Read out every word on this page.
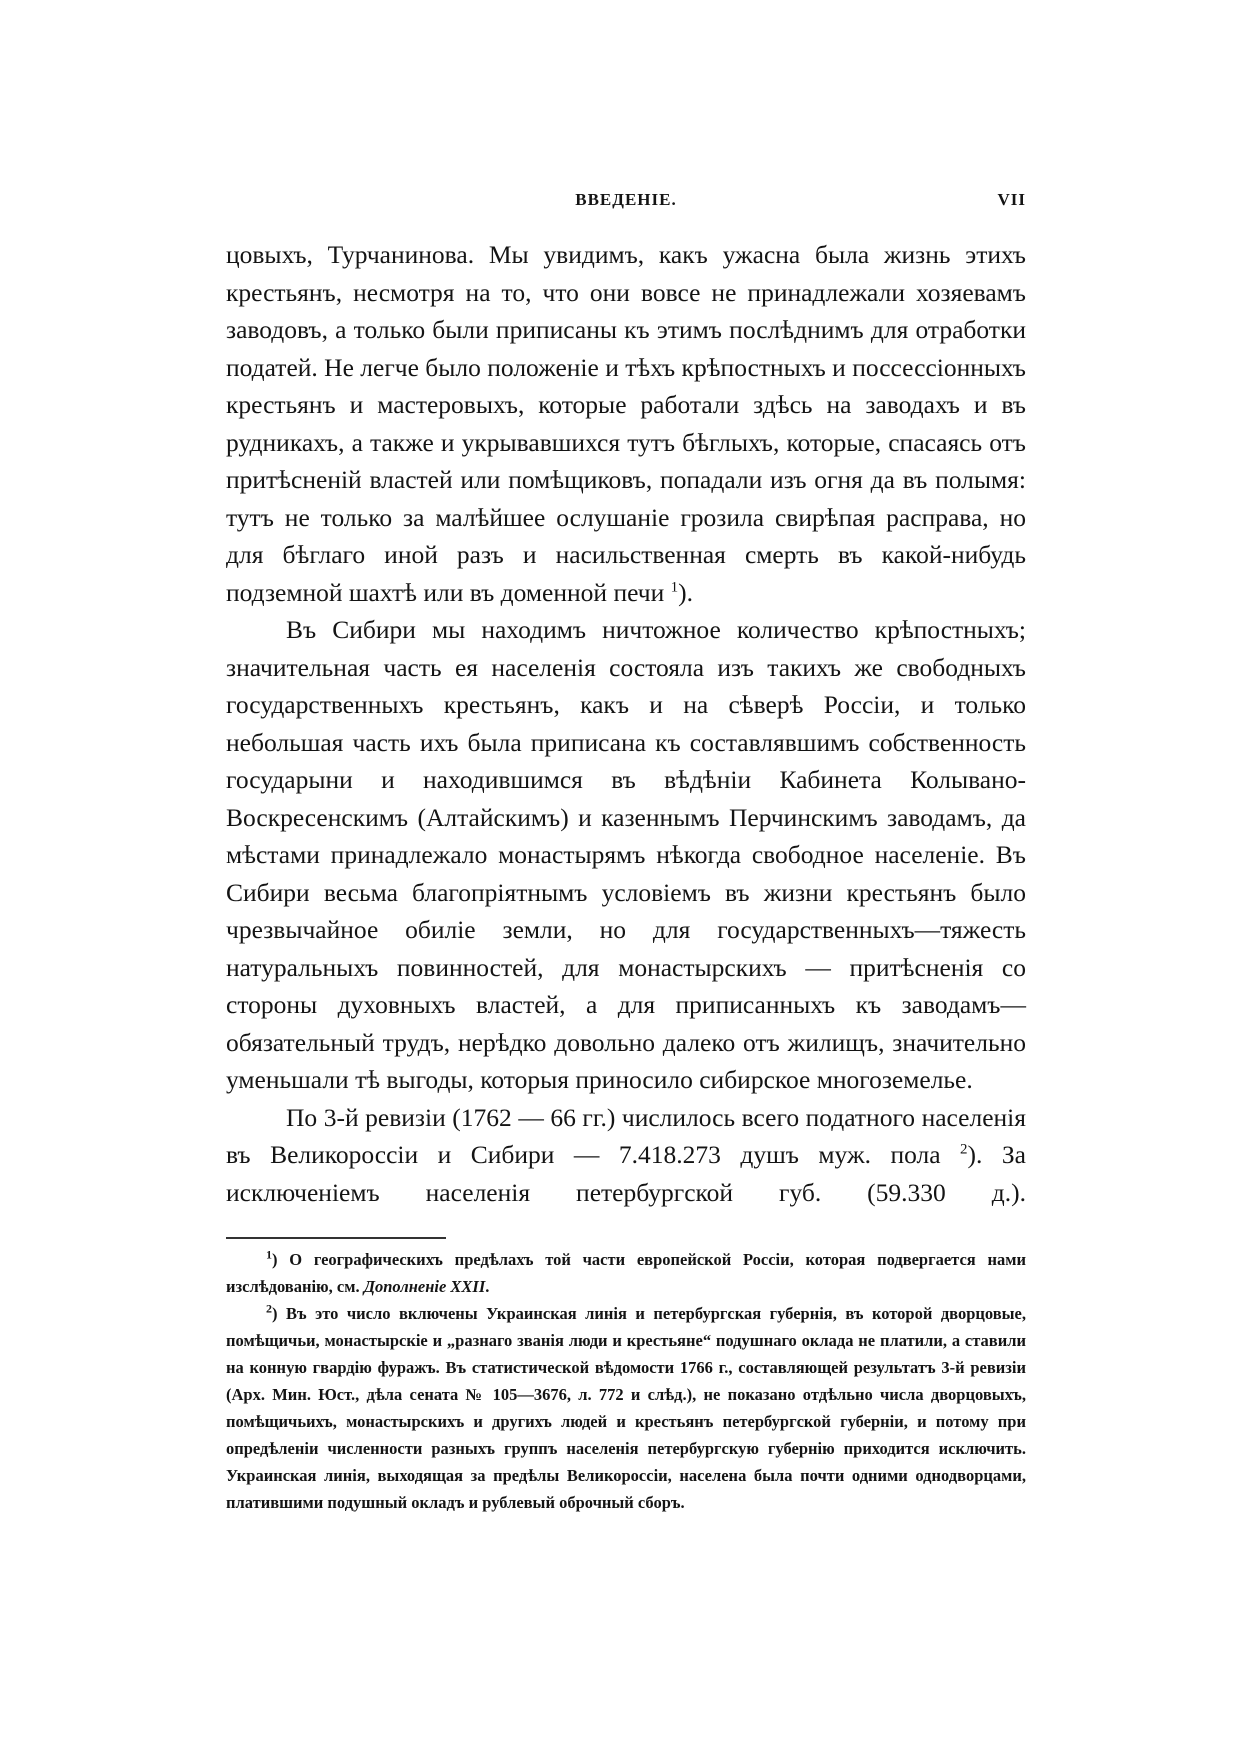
ВВЕДЕНІЕ.	VII

цовыхъ, Турчанинова. Мы увидимъ, какъ ужасна была жизнь этихъ крестьянъ, несмотря на то, что они вовсе не принадлежали хозяевамъ заводовъ, а только были приписаны къ этимъ послѣднимъ для отработки податей. Не легче было положеніе и тѣхъ крѣпостныхъ и поссессіонныхъ крестьянъ и мастеровыхъ, которые работали здѣсь на заводахъ и въ рудникахъ, а также и укрывавшихся тутъ бѣглыхъ, которые, спасаясь отъ притѣсненій властей или помѣщиковъ, попадали изъ огня да въ полымя: тутъ не только за малѣйшее ослушаніе грозила свирѣпая расправа, но для бѣглаго иной разъ и насильственная смерть въ какой-нибудь подземной шахтѣ или въ доменной печи $^1$).

Въ Сибири мы находимъ ничтожное количество крѣпостныхъ; значительная часть ея населенія состояла изъ такихъ же свободныхъ государственныхъ крестьянъ, какъ и на сѣверѣ Россіи, и только небольшая часть ихъ была приписана къ составлявшимъ собственность государыни и находившимся въ вѣдѣніи Кабинета Колывано-Воскресенскимъ (Алтайскимъ) и казеннымъ Перчинскимъ заводамъ, да мѣстами принадлежало монастырямъ нѣкогда свободное населеніе. Въ Сибири весьма благопріятнымъ условіемъ въ жизни крестьянъ было чрезвычайное обиліе земли, но для государственныхъ—тяжесть натуральныхъ повинностей, для монастырскихъ — притѣсненія со стороны духовныхъ властей, а для приписанныхъ къ заводамъ—обязательный трудъ, нерѣдко довольно далеко отъ жилищъ, значительно уменьшали тѣ выгоды, которыя приносило сибирское многоземелье.

По 3-й ревизіи (1762 — 66 гг.) числилось всего податного населенія въ Великороссіи и Сибири — 7.418.273 душъ муж. пола $^2$). За исключеніемъ населенія петербургской губ. (59.330 д.).

$^1$) О географическихъ предѣлахъ той части европейской Россіи, которая подвергается нами изслѣдованію, см. Дополненіе XXII.

$^2$) Въ это число включены Украинская линія и петербургская губернія, въ которой дворцовые, помѣщичьи, монастырскіе и „разнаго званія люди и крестьяне“ подушнаго оклада не платили, а ставили на конную гвардію фуражъ. Въ статистической вѣдомости 1766 г., составляющей результатъ 3-й ревизіи (Арх. Мин. Юст., дѣла сената № 105—3676, л. 772 и слѣд.), не показано отдѣльно числа дворцовыхъ, помѣщичьихъ, монастырскихъ и другихъ людей и крестьянъ петербургской губерніи, и потому при опредѣленіи численности разныхъ группъ населенія петербургскую губернію приходится исключить. Украинская линія, выходящая за предѣлы Великороссіи, населена была почти одними однодворцами, платившими подушный окладъ и рублевый оброчный сборъ.
